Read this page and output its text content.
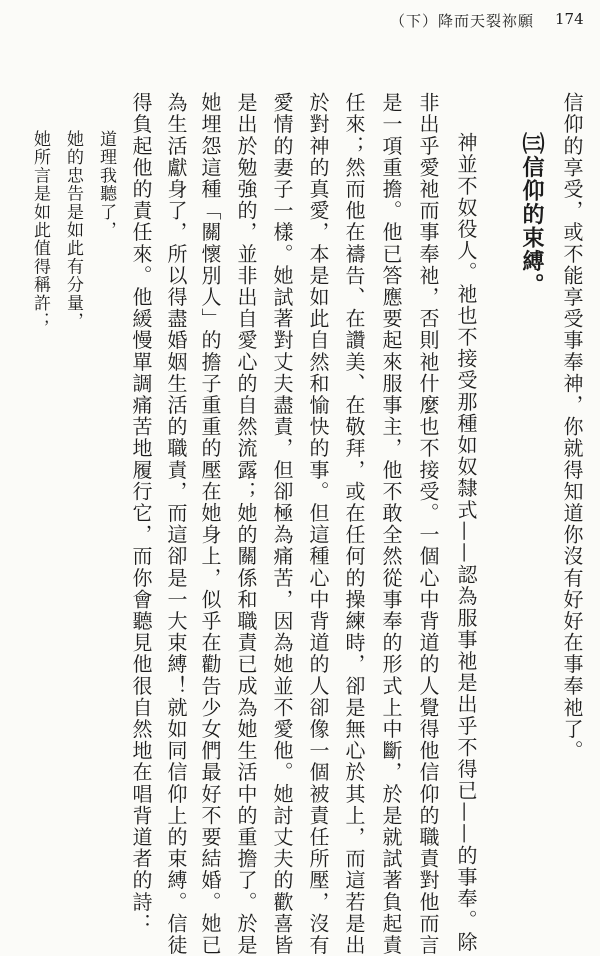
（下）降而天裂祢願 174
信仰的享受，或不能享受事奉神，你就得知道你沒有好好在事奉祂了。
㈢信仰的束縛。
神並不奴役人。祂也不接受那種如奴隸式——認為服事祂是出乎不得已——的事奉。除
非出乎愛祂而事奉祂，否則祂什麼也不接受。一個心中背道的人覺得他信仰的職責對他而言
是一項重擔。他已答應要起來服事主，他不敢全然從事奉的形式上中斷，於是就試著負起責
任來；然而他在禱告、在讚美、在敬拜，或在任何的操練時，卻是無心於其上，而這若是出
於對神的真愛，本是如此自然和愉快的事。但這種心中背道的人卻像一個被責任所壓，沒有
愛情的妻子一樣。她試著對丈夫盡責，但卻極為痛苦，因為她並不愛他。她討丈夫的歡喜皆
是出於勉強的，並非出自愛心的自然流露；她的關係和職責已成為她生活中的重擔了。於是
她埋怨這種「關懷別人」的擔子重重的壓在她身上，似乎在勸告少女們最好不要結婚。她已
為生活獻身了，所以得盡婚姻生活的職責，而這卻是一大束縛！就如同信仰上的束縛。信徒
得負起他的責任來。他緩慢單調痛苦地履行它，而你會聽見他很自然地在唱背道者的詩：
道理我聽了，
她的忠告是如此有分量，
她所言是如此值得稱許；
